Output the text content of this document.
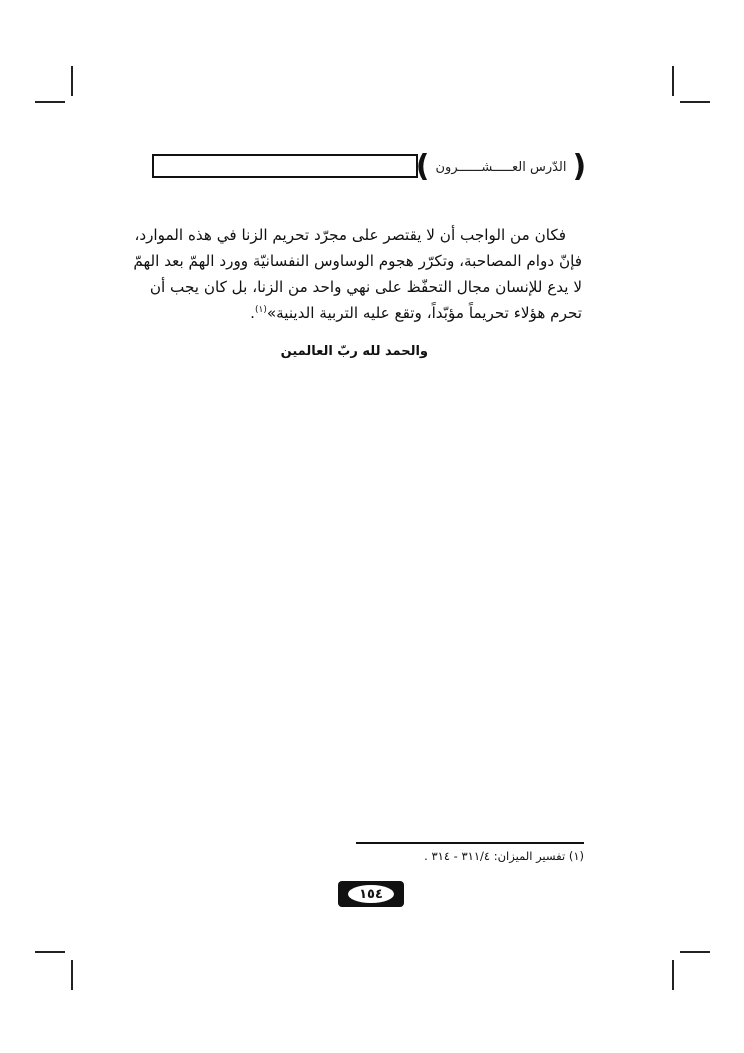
( الدّرس العـــــشــــــرون )
فكان من الواجب أن لا يقتصر على مجرّد تحريم الزنا في هذه الموارد،
فإنّ دوام المصاحبة، وتكرّر هجوم الوساوس النفسانيّة وورد الهمّ بعد الهمّ
لا يدع للإنسان مجال التحفّظ على نهي واحد من الزنا، بل كان يجب أن
تحرم هؤلاء تحريماً مؤبّداً، وتقع عليه التربية الدينية»$^{(١)}$.
والحمد لله ربّ العالمين
(١) تفسير الميزان: ٣١١/٤ - ٣١٤ .
١٥٤
